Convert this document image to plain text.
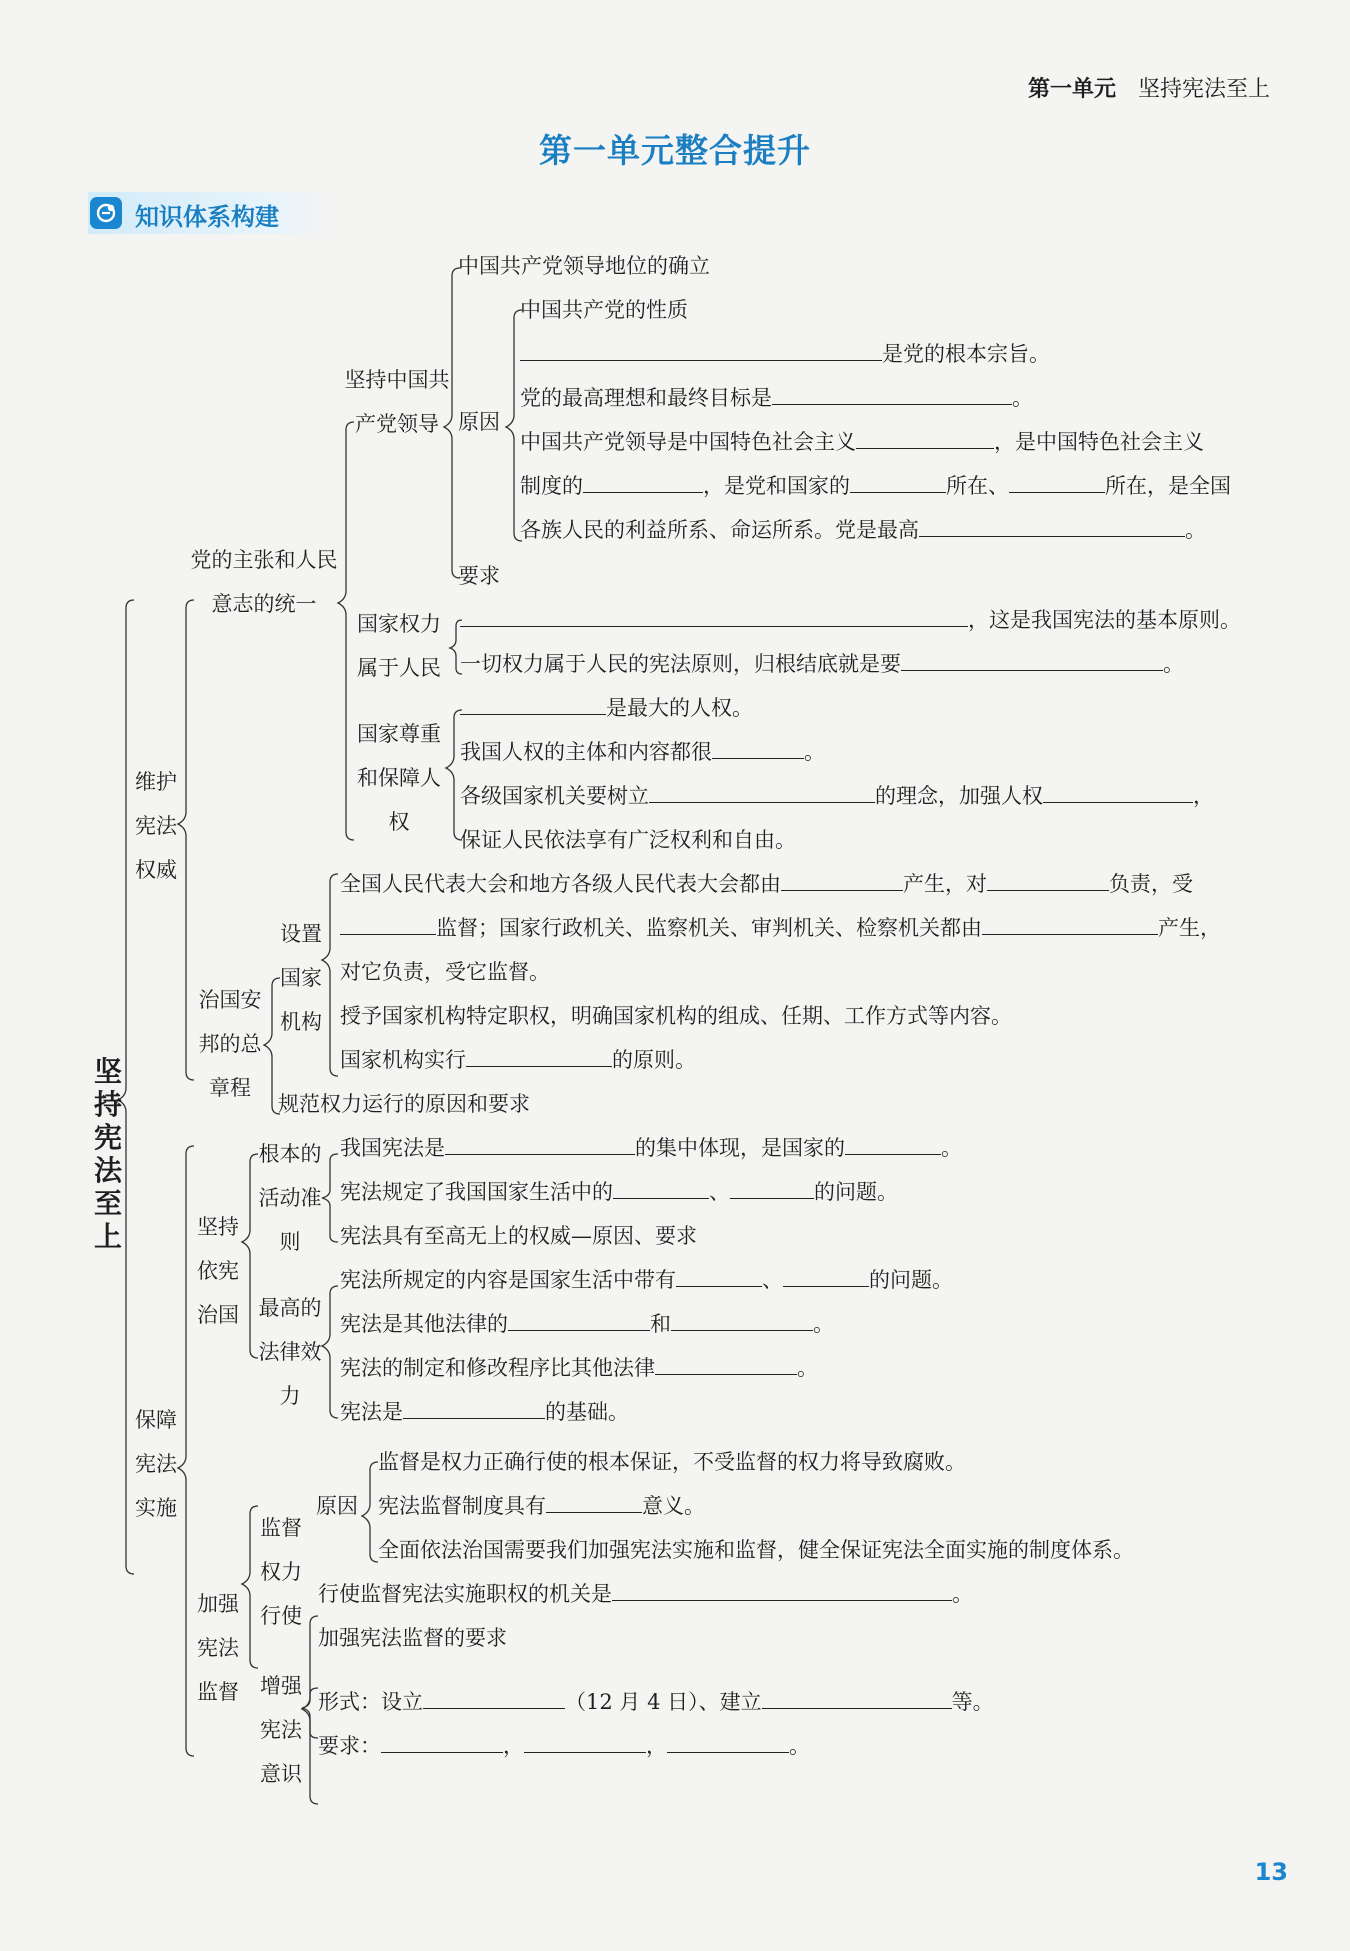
第一单元 坚持宪法至上
第一单元整合提升
知识体系构建
坚持宪法至上
维护宪法权威
保障宪法实施
党的主张和人民意志的统一
治国安邦的总章程
坚持依宪治国
加强宪法监督
坚持中国共产党领导 原因
要求
国家权力属于人民
国家尊重和保障人权
设置国家机构
根本的活动准则
最高的法律效力
监督权力行使
原因
增强宪法意识
中国共产党领导地位的确立
中国共产党的性质
是党的根本宗旨。
党的最高理想和最终目标是	。
中国共产党领导是中国特色社会主义	，是中国特色社会主义
制度的	，是党和国家的	所在、	所在，是全国
各族人民的利益所系、命运所系。党是最高	。
，这是我国宪法的基本原则。
一切权力属于人民的宪法原则，归根结底就是要	。
是最大的人权。
我国人权的主体和内容都很	。
各级国家机关要树立	的理念，加强人权	，
保证人民依法享有广泛权利和自由。
全国人民代表大会和地方各级人民代表大会都由	产生，对	负责，受
监督；国家行政机关、监察机关、审判机关、检察机关都由	产生，
对它负责，受它监督。
授予国家机构特定职权，明确国家机构的组成、任期、工作方式等内容。
国家机构实行	的原则。
规范权力运行的原因和要求
我国宪法是	的集中体现，是国家的	。
宪法规定了我国国家生活中的	、	的问题。
宪法具有至高无上的权威—原因、要求
宪法所规定的内容是国家生活中带有	、	的问题。
宪法是其他法律的	和	。
宪法的制定和修改程序比其他法律	。
宪法是	的基础。
监督是权力正确行使的根本保证，不受监督的权力将导致腐败。
宪法监督制度具有	意义。
全面依法治国需要我们加强宪法实施和监督，健全保证宪法全面实施的制度体系。
行使监督宪法实施职权的机关是	。
加强宪法监督的要求
形式：设立	（12 月 4 日）、建立	等。
要求：	，	，	。
13
